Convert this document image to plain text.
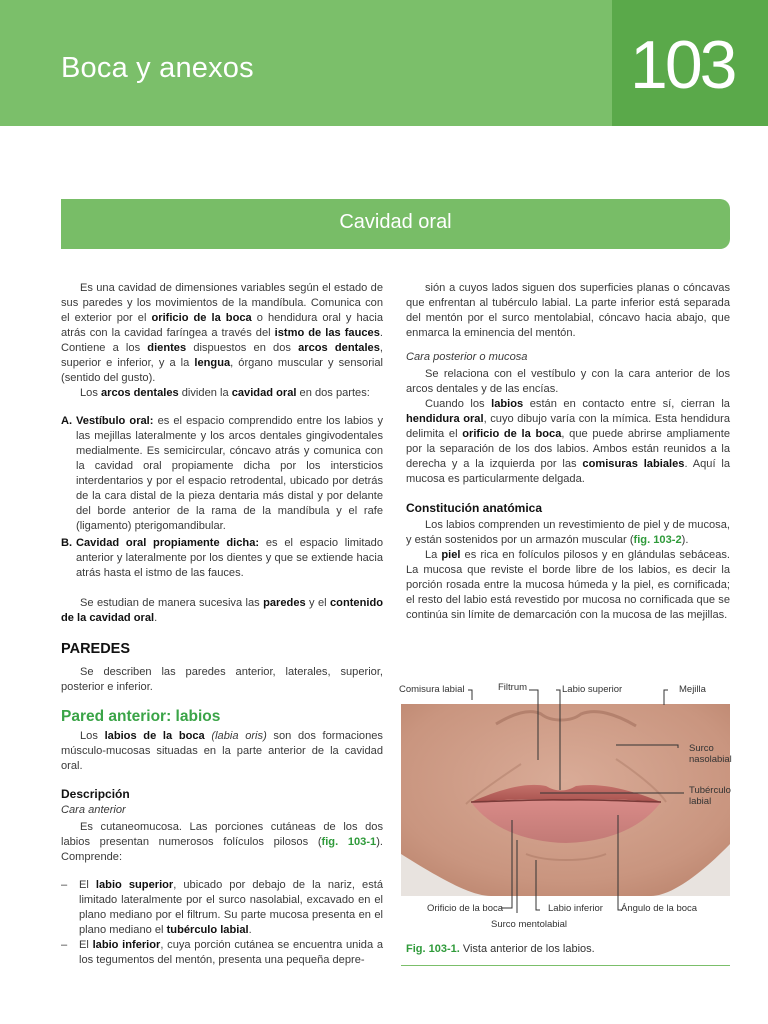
Boca y anexos	103
Cavidad oral

Es una cavidad de dimensiones variables según el estado de sus paredes y los movimientos de la mandíbula. Comunica con el exterior por el orificio de la boca o hendidura oral y hacia atrás con la cavidad faríngea a través del istmo de las fauces. Contiene a los dientes dispuestos en dos arcos dentales, superior e inferior, y a la lengua, órgano muscular y sensorial (sentido del gusto).

Los arcos dentales dividen la cavidad oral en dos partes:

A. Vestíbulo oral: es el espacio comprendido entre los labios y las mejillas lateralmente y los arcos dentales gingivodentales medialmente. Es semicircular, cóncavo atrás y comunica con la cavidad oral propiamente dicha por los intersticios interdentarios y por el espacio retrodental, ubicado por detrás de la cara distal de la pieza dentaria más distal y por delante del borde anterior de la rama de la mandíbula y el rafe (ligamento) pterigomandibular.

B. Cavidad oral propiamente dicha: es el espacio limitado anterior y lateralmente por los dientes y que se extiende hacia atrás hasta el istmo de las fauces.

Se estudian de manera sucesiva las paredes y el contenido de la cavidad oral.

PAREDES

Se describen las paredes anterior, laterales, superior, posterior e inferior.

Pared anterior: labios

Los labios de la boca (labia oris) son dos formaciones músculo-mucosas situadas en la parte anterior de la cavidad oral.

Descripción

Cara anterior

Es cutaneomucosa. Las porciones cutáneas de los dos labios presentan numerosos folículos pilosos (fig. 103-1). Comprende:

– El labio superior, ubicado por debajo de la nariz, está limitado lateralmente por el surco nasolabial, excavado en el plano mediano por el filtrum. Su parte mucosa presenta en el plano mediano el tubérculo labial.

– El labio inferior, cuya porción cutánea se encuentra unida a los tegumentos del mentón, presenta una pequeña depre-

sión a cuyos lados siguen dos superficies planas o cóncavas que enfrentan al tubérculo labial. La parte inferior está separada del mentón por el surco mentolabial, cóncavo hacia abajo, que enmarca la eminencia del mentón.

Cara posterior o mucosa

Se relaciona con el vestíbulo y con la cara anterior de los arcos dentales y de las encías.

Cuando los labios están en contacto entre sí, cierran la hendidura oral, cuyo dibujo varía con la mímica. Esta hendidura delimita el orificio de la boca, que puede abrirse ampliamente por la separación de los dos labios. Ambos están reunidos a la derecha y a la izquierda por las comisuras labiales. Aquí la mucosa es particularmente delgada.

Constitución anatómica

Los labios comprenden un revestimiento de piel y de mucosa, y están sostenidos por un armazón muscular (fig. 103-2).

La piel es rica en folículos pilosos y en glándulas sebáceas. La mucosa que reviste el borde libre de los labios, es decir la porción rosada entre la mucosa húmeda y la piel, es cornificada; el resto del labio está revestido por mucosa no cornificada que se continúa sin límite de demarcación con la mucosa de las mejillas.

Comisura labial	Filtrum	Labio superior	Mejilla
Surco nasolabial
Tubérculo labial
Orificio de la boca	Labio inferior Ángulo de la boca
Surco mentolabial
Fig. 103-1. Vista anterior de los labios.
